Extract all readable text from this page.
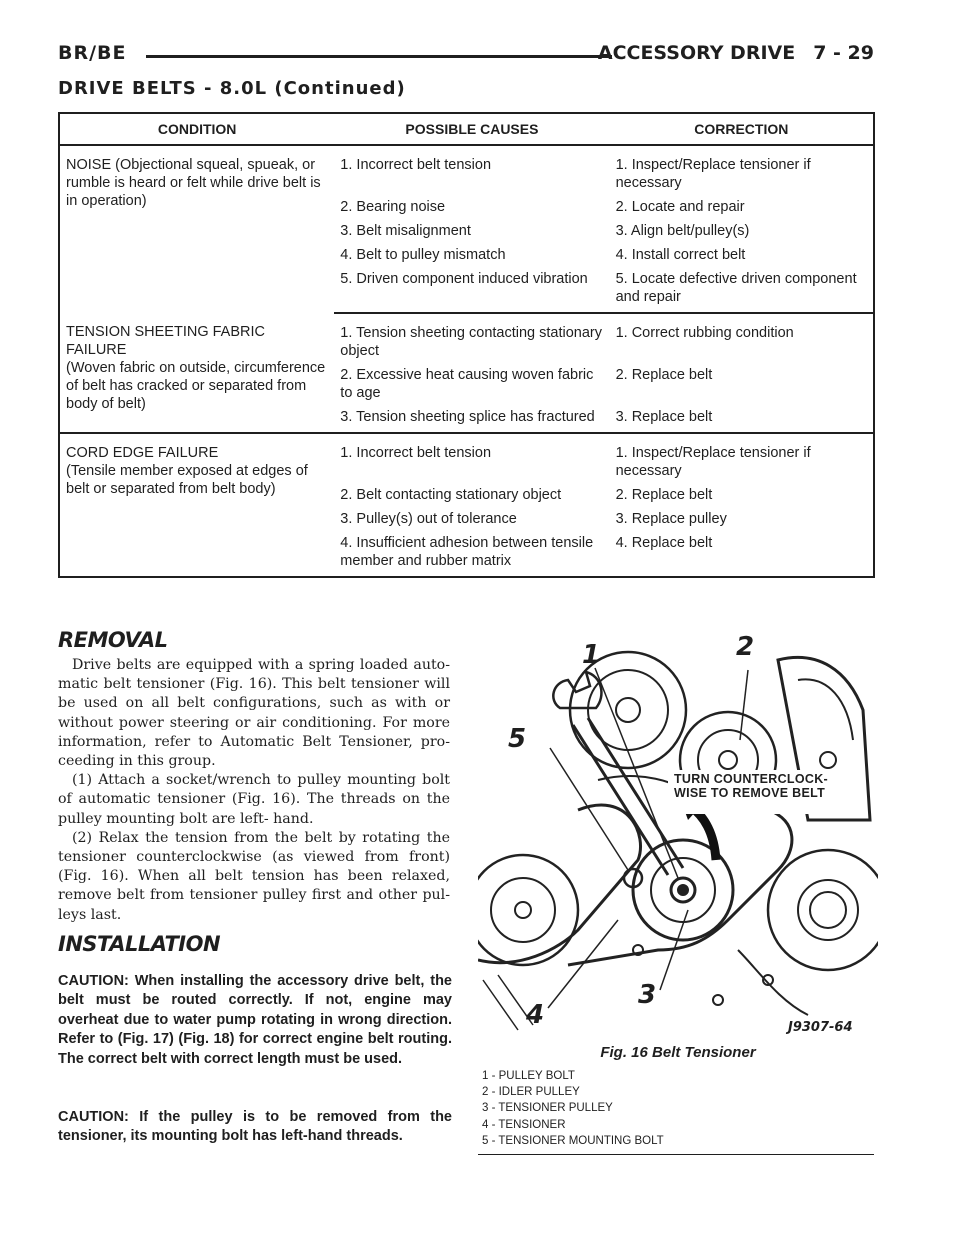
BR/BE	ACCESSORY DRIVE 7 - 29
DRIVE BELTS - 8.0L (Continued)
CONDITION	POSSIBLE CAUSES	CORRECTION
NOISE (Objectional squeal, spueak, or rumble is heard or felt while drive belt is in operation)	1. Incorrect belt tension	1. Inspect/Replace tensioner if necessary
	2. Bearing noise	2. Locate and repair
	3. Belt misalignment	3. Align belt/pulley(s)
	4. Belt to pulley mismatch	4. Install correct belt
	5. Driven component induced vibration	5. Locate defective driven component and repair

TENSION SHEETING FABRIC FAILURE
(Woven fabric on outside, circumference of belt has cracked or separated from body of belt)	1. Tension sheeting contacting stationary object	1. Correct rubbing condition
	2. Excessive heat causing woven fabric to age	2. Replace belt
	3. Tension sheeting splice has fractured	3. Replace belt

CORD EDGE FAILURE
(Tensile member exposed at edges of belt or separated from belt body)	1. Incorrect belt tension	1. Inspect/Replace tensioner if necessary
	2. Belt contacting stationary object	2. Replace belt
	3. Pulley(s) out of tolerance	3. Replace pulley
	4. Insufficient adhesion between tensile member and rubber matrix	4. Replace belt
REMOVAL

Drive belts are equipped with a spring loaded auto-matic belt tensioner (Fig. 16). This belt tensioner will be used on all belt configurations, such as with or without power steering or air conditioning. For more information, refer to Automatic Belt Tensioner, pro-ceeding in this group.

(1) Attach a socket/wrench to pulley mounting bolt of automatic tensioner (Fig. 16). The threads on the pulley mounting bolt are left- hand.

(2) Relax the tension from the belt by rotating the tensioner counterclockwise (as viewed from front) (Fig. 16). When all belt tension has been relaxed, remove belt from tensioner pulley first and other pul-leys last.

INSTALLATION
CAUTION: When installing the accessory drive belt, the belt must be routed correctly. If not, engine may overheat due to water pump rotating in wrong direction. Refer to (Fig. 17) (Fig. 18) for correct engine belt routing. The correct belt with correct length must be used.
CAUTION: If the pulley is to be removed from the tensioner, its mounting bolt has left-hand threads.
1	2
3
4
5
TURN COUNTERCLOCK-
WISE TO REMOVE BELT
J9307-64
Fig. 16 Belt Tensioner
1 - PULLEY BOLT
2 - IDLER PULLEY
3 - TENSIONER PULLEY
4 - TENSIONER
5 - TENSIONER MOUNTING BOLT
